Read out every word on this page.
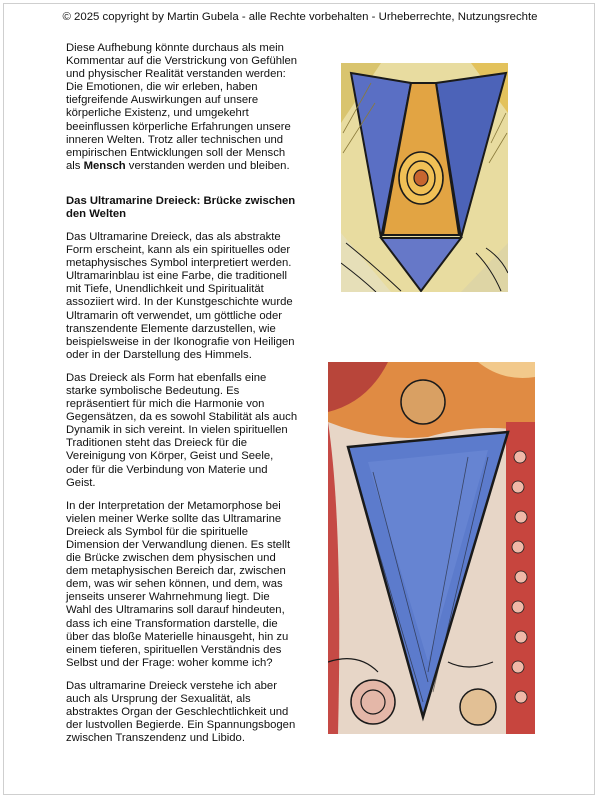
© 2025 copyright by Martin Gubela - alle Rechte vorbehalten - Urheberrechte, Nutzungsrechte

Diese Aufhebung könnte durchaus als mein Kommentar auf die Verstrickung von Gefühlen und physischer Realität verstanden werden: Die Emotionen, die wir erleben, haben tiefgreifende Auswirkungen auf unsere körperliche Existenz, und umgekehrt beeinflussen körperliche Erfahrungen unsere inneren Welten. Trotz aller technischen und empirischen Entwicklungen soll der Mensch als Mensch verstanden werden und bleiben.

Das Ultramarine Dreieck: Brücke zwischen den Welten

Das Ultramarine Dreieck, das als abstrakte Form erscheint, kann als ein spirituelles oder metaphysisches Symbol interpretiert werden. Ultramarinblau ist eine Farbe, die traditionell mit Tiefe, Unendlichkeit und Spiritualität assoziiert wird. In der Kunstgeschichte wurde Ultramarin oft verwendet, um göttliche oder transzendente Elemente darzustellen, wie beispielsweise in der Ikonografie von Heiligen oder in der Darstellung des Himmels.

Das Dreieck als Form hat ebenfalls eine starke symbolische Bedeutung. Es repräsentiert für mich die Harmonie von Gegensätzen, da es sowohl Stabilität als auch Dynamik in sich vereint. In vielen spirituellen Traditionen steht das Dreieck für die Vereinigung von Körper, Geist und Seele, oder für die Verbindung von Materie und Geist.

In der Interpretation der Metamorphose bei vielen meiner Werke sollte das Ultramarine Dreieck als Symbol für die spirituelle Dimension der Verwandlung dienen. Es stellt die Brücke zwischen dem physischen und dem metaphysischen Bereich dar, zwischen dem, was wir sehen können, und dem, was jenseits unserer Wahrnehmung liegt. Die Wahl des Ultramarins soll darauf hindeuten, dass ich eine Transformation darstelle, die über das bloße Materielle hinausgeht, hin zu einem tieferen, spirituellen Verständnis des Selbst und der Frage: woher komme ich?

Das ultramarine Dreieck verstehe ich aber auch als Ursprung der Sexualität, als abstraktes Organ der Geschlechtlichkeit und der lustvollen Begierde. Ein Spannungsbogen zwischen Transzendenz und Libido.
